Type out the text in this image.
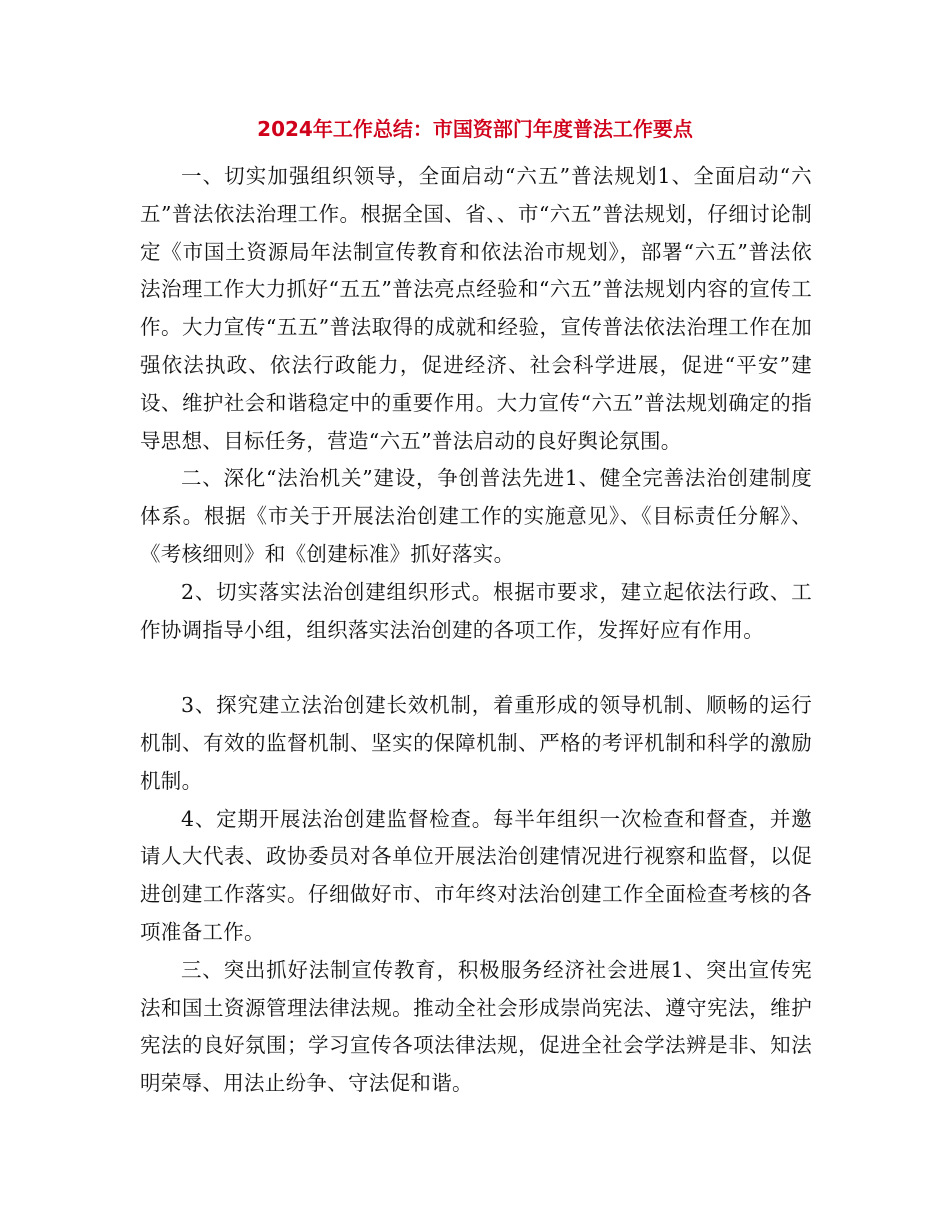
2024年工作总结：市国资部门年度普法工作要点

一、切实加强组织领导，全面启动“六五”普法规划1、全面启动“六五”普法依法治理工作。根据全国、省、、市“六五”普法规划，仔细讨论制定《市国土资源局年法制宣传教育和依法治市规划》，部署“六五”普法依法治理工作大力抓好“五五”普法亮点经验和“六五”普法规划内容的宣传工作。大力宣传“五五”普法取得的成就和经验，宣传普法依法治理工作在加强依法执政、依法行政能力，促进经济、社会科学进展，促进“平安”建设、维护社会和谐稳定中的重要作用。大力宣传“六五”普法规划确定的指导思想、目标任务，营造“六五”普法启动的良好舆论氛围。

二、深化“法治机关”建设，争创普法先进1、健全完善法治创建制度体系。根据《市关于开展法治创建工作的实施意见》、《目标责任分解》、《考核细则》和《创建标准》抓好落实。

2、切实落实法治创建组织形式。根据市要求，建立起依法行政、工作协调指导小组，组织落实法治创建的各项工作，发挥好应有作用。

3、探究建立法治创建长效机制，着重形成的领导机制、顺畅的运行机制、有效的监督机制、坚实的保障机制、严格的考评机制和科学的激励机制。

4、定期开展法治创建监督检查。每半年组织一次检查和督查，并邀请人大代表、政协委员对各单位开展法治创建情况进行视察和监督，以促进创建工作落实。仔细做好市、市年终对法治创建工作全面检查考核的各项准备工作。

三、突出抓好法制宣传教育，积极服务经济社会进展1、突出宣传宪法和国土资源管理法律法规。推动全社会形成崇尚宪法、遵守宪法，维护宪法的良好氛围；学习宣传各项法律法规，促进全社会学法辨是非、知法明荣辱、用法止纷争、守法促和谐。
